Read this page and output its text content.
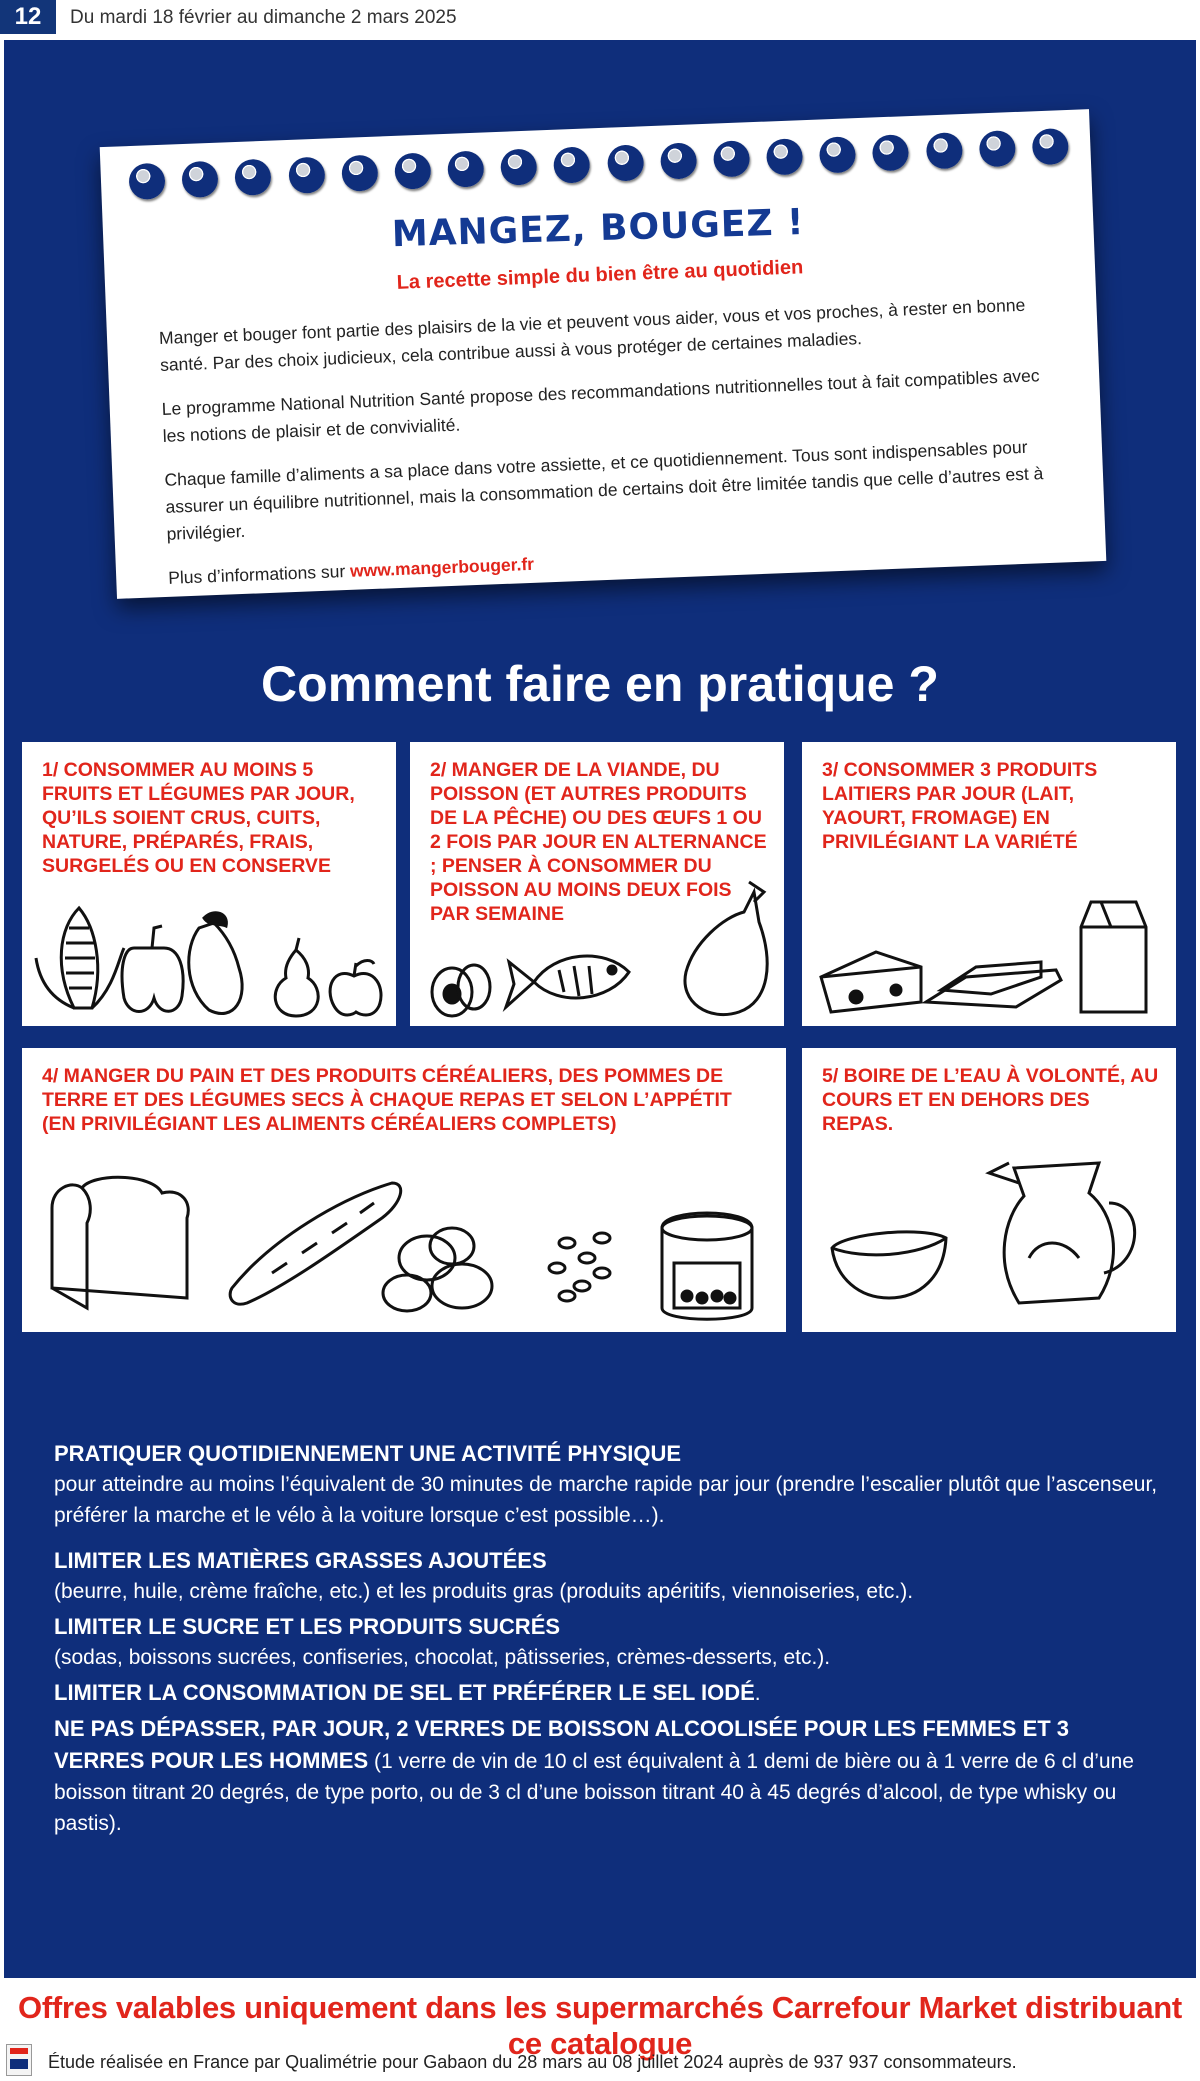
12	Du mardi 18 février au dimanche 2 mars 2025
MANGEZ, BOUGEZ !
La recette simple du bien être au quotidien

Manger et bouger font partie des plaisirs de la vie et peuvent vous aider, vous et vos proches, à rester en bonne santé. Par des choix judicieux, cela contribue aussi à vous protéger de certaines maladies.

Le programme National Nutrition Santé propose des recommandations nutritionnelles tout à fait compatibles avec les notions de plaisir et de convivialité.

Chaque famille d’aliments a sa place dans votre assiette, et ce quotidiennement. Tous sont indispensables pour assurer un équilibre nutritionnel, mais la consommation de certains doit être limitée tandis que celle d’autres est à privilégier.

Plus d’informations sur www.mangerbouger.fr

Comment faire en pratique ?
1/ CONSOMMER AU MOINS 5 FRUITS ET LÉGUMES PAR JOUR, QU’ILS SOIENT CRUS, CUITS, NATURE, PRÉPARÉS, FRAIS, SURGELÉS OU EN CONSERVE
2/ MANGER DE LA VIANDE, DU POISSON (ET AUTRES PRODUITS DE LA PÊCHE) OU DES ŒUFS 1 OU 2 FOIS PAR JOUR EN ALTERNANCE ; PENSER À CONSOMMER DU POISSON AU MOINS DEUX FOIS PAR SEMAINE
3/ CONSOMMER 3 PRODUITS LAITIERS PAR JOUR (LAIT, YAOURT, FROMAGE) EN PRIVILÉGIANT LA VARIÉTÉ
4/ MANGER DU PAIN ET DES PRODUITS CÉRÉALIERS, DES POMMES DE TERRE ET DES LÉGUMES SECS À CHAQUE REPAS ET SELON L’APPÉTIT (EN PRIVILÉGIANT LES ALIMENTS CÉRÉALIERS COMPLETS)
5/ BOIRE DE L’EAU À VOLONTÉ, AU COURS ET EN DEHORS DES REPAS.
PRATIQUER QUOTIDIENNEMENT UNE ACTIVITÉ PHYSIQUE
pour atteindre au moins l’équivalent de 30 minutes de marche rapide par jour (prendre l’escalier plutôt que l’ascenseur, préférer la marche et le vélo à la voiture lorsque c’est possible…).
LIMITER LES MATIÈRES GRASSES AJOUTÉES
(beurre, huile, crème fraîche, etc.) et les produits gras (produits apéritifs, viennoiseries, etc.).
LIMITER LE SUCRE ET LES PRODUITS SUCRÉS
(sodas, boissons sucrées, confiseries, chocolat, pâtisseries, crèmes-desserts, etc.).
LIMITER LA CONSOMMATION DE SEL ET PRÉFÉRER LE SEL IODÉ.
NE PAS DÉPASSER, PAR JOUR, 2 VERRES DE BOISSON ALCOOLISÉE POUR LES FEMMES ET 3 VERRES POUR LES HOMMES (1 verre de vin de 10 cl est équivalent à 1 demi de bière ou à 1 verre de 6 cl d’une boisson titrant 20 degrés, de type porto, ou de 3 cl d’une boisson titrant 40 à 45 degrés d’alcool, de type whisky ou pastis).
Offres valables uniquement dans les supermarchés Carrefour Market distribuant ce catalogue
Étude réalisée en France par Qualimétrie pour Gabaon du 28 mars au 08 juillet 2024 auprès de 937 937 consommateurs.
